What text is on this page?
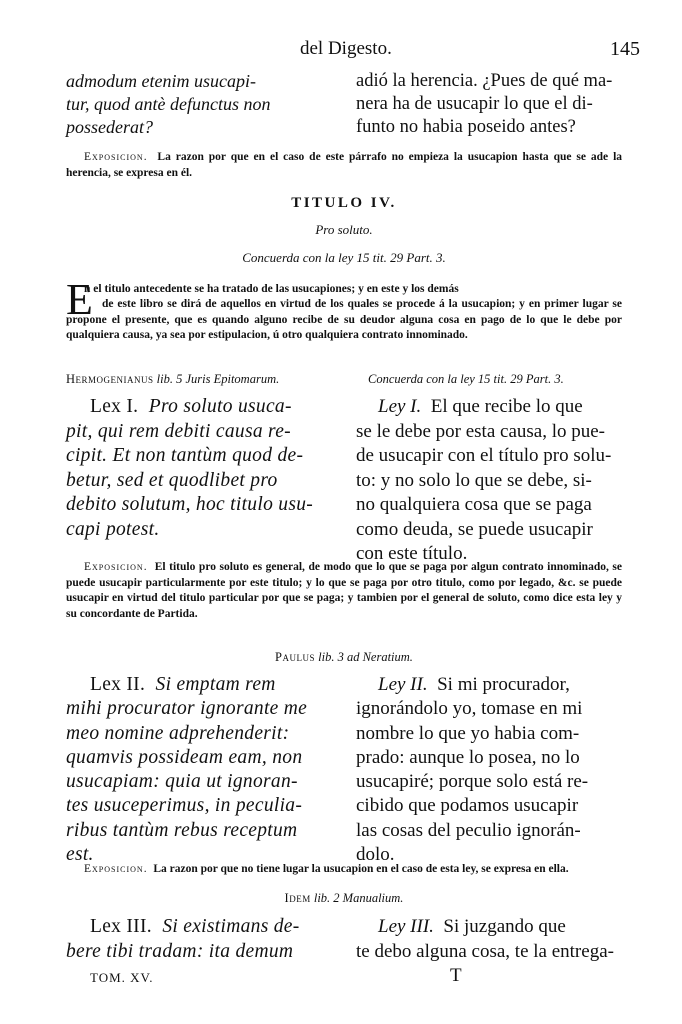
del Digesto.	145
admodum etenim usucapi-
tur, quod antè defunctus non
possederat?
adió la herencia. ¿Pues de qué ma-
nera ha de usucapir lo que el di-
funto no habia poseido antes?
Exposicion. La razon por que en el caso de este párrafo no empieza la usucapion hasta que se ade la herencia, se expresa en él.
TITULO IV.
Pro soluto.
Concuerda con la ley 15 tit. 29 Part. 3.
E
n el titulo antecedente se ha tratado de las usucapiones; y en este y los demás
de este libro se dirá de aquellos en virtud de los quales se procede á la usucapion; y en primer lugar se propone el presente, que es quando alguno recibe de su deudor alguna cosa en pago de lo que le debe por qualquiera causa, ya sea por estipulacion, ú otro qualquiera contrato innominado.
Hermogenianus lib. 5 Juris Epitomarum.	Concuerda con la ley 15 tit. 29 Part. 3.
Lex I. Pro soluto usuca-
pit, qui rem debiti causa re-
cipit. Et non tantùm quod de-
betur, sed et quodlibet pro
debito solutum, hoc titulo usu-
capi potest.
Ley I. El que recibe lo que
se le debe por esta causa, lo pue-
de usucapir con el título pro solu-
to: y no solo lo que se debe, si-
no qualquiera cosa que se paga
como deuda, se puede usucapir
con este título.
Exposicion. El titulo pro soluto es general, de modo que lo que se paga por algun contrato innominado, se puede usucapir particularmente por este titulo; y lo que se paga por otro titulo, como por legado, &c. se puede usucapir en virtud del titulo particular por que se paga; y tambien por el general de soluto, como dice esta ley y su concordante de Partida.
Paulus lib. 3 ad Neratium.
Lex II. Si emptam rem
mihi procurator ignorante me
meo nomine adprehenderit:
quamvis possideam eam, non
usucapiam: quia ut ignoran-
tes usuceperimus, in peculia-
ribus tantùm rebus receptum
est.
Ley II. Si mi procurador,
ignorándolo yo, tomase en mi
nombre lo que yo habia com-
prado: aunque lo posea, no lo
usucapiré; porque solo está re-
cibido que podamos usucapir
las cosas del peculio ignorán-
dolo.
Exposicion. La razon por que no tiene lugar la usucapion en el caso de esta ley, se expresa en ella.
Idem lib. 2 Manualium.
Lex III. Si existimans de-
bere tibi tradam: ita demum
Ley III. Si juzgando que
te debo alguna cosa, te la entrega-
TOM. XV.	T
